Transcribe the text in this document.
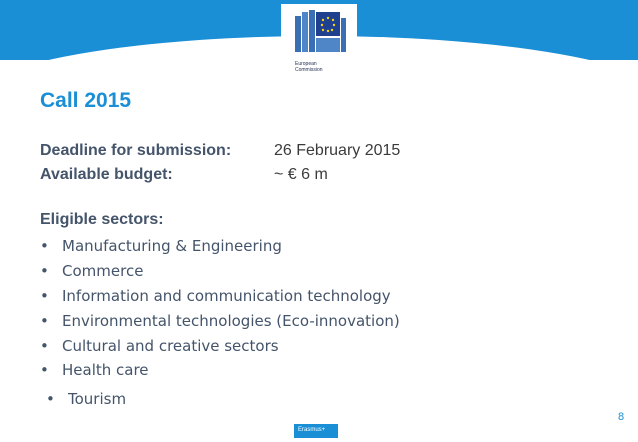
European
Commission
Call 2015
Deadline for submission:	26 February 2015
Available budget:	~ € 6 m
Eligible sectors:
• Manufacturing & Engineering
• Commerce
• Information and communication technology
• Environmental technologies (Eco-innovation)
• Cultural and creative sectors
• Health care
• Tourism
Erasmus+
8
